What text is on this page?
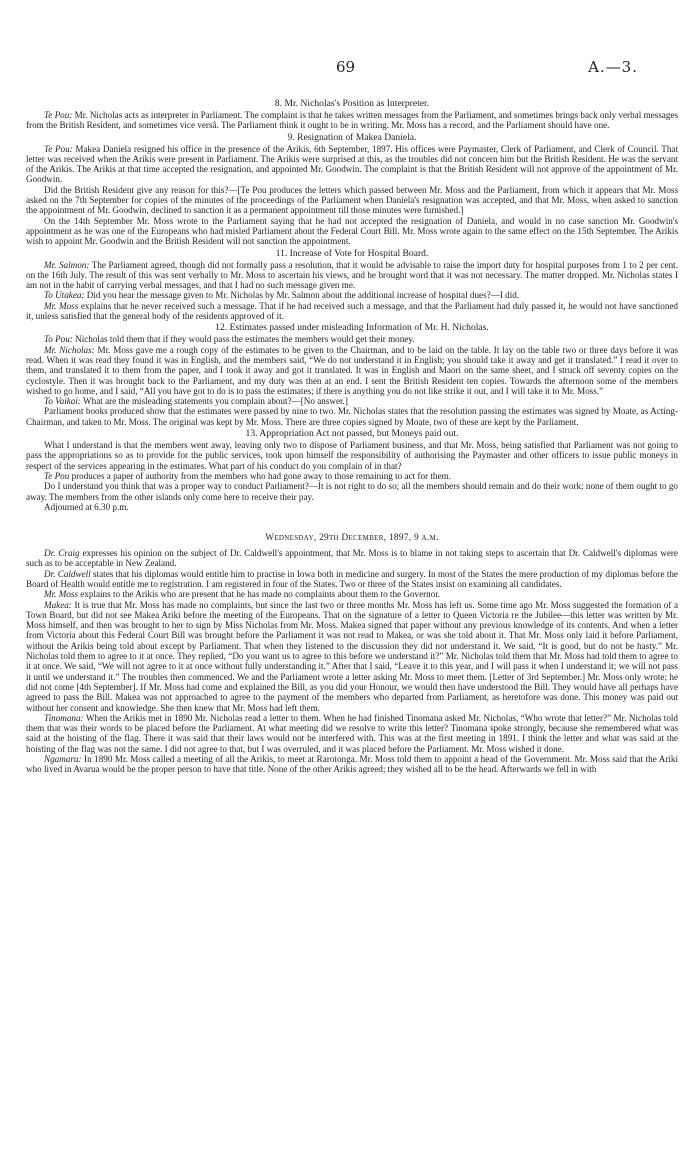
69	A.—3.
8. Mr. Nicholas's Position as Interpreter.

Te Pou: Mr. Nicholas acts as interpreter in Parliament. The complaint is that he takes written messages from the Parliament, and sometimes brings back only verbal messages from the British Resident, and sometimes vice versâ. The Parliament think it ought to be in writing. Mr. Moss has a record, and the Parliament should have one.

9. Resignation of Makea Daniela.

Te Pou: Makea Daniela resigned his office in the presence of the Arikis, 6th September, 1897. His offices were Paymaster, Clerk of Parliament, and Clerk of Council. That letter was received when the Arikis were present in Parliament. The Arikis were surprised at this, as the troubles did not concern him but the British Resident. He was the servant of the Arikis. The Arikis at that time accepted the resignation, and appointed Mr. Goodwin. The complaint is that the British Resident will not approve of the appointment of Mr. Goodwin.

Did the British Resident give any reason for this?—[Te Pou produces the letters which passed between Mr. Moss and the Parliament, from which it appears that Mr. Moss asked on the 7th September for copies of the minutes of the proceedings of the Parliament when Daniela's resignation was accepted, and that Mr. Moss, when asked to sanction the appointment of Mr. Goodwin, declined to sanction it as a permanent appointment till those minutes were furnished.]

On the 14th September Mr. Moss wrote to the Parliament saying that he had not accepted the resignation of Daniela, and would in no case sanction Mr. Goodwin's appointment as he was one of the Europeans who had misled Parliament about the Federal Court Bill. Mr. Moss wrote again to the same effect on the 15th September. The Arikis wish to appoint Mr. Goodwin and the British Resident will not sanction the appointment.

11. Increase of Vote for Hospital Board.

Mr. Salmon: The Parliament agreed, though did not formally pass a resolution, that it would be advisable to raise the import duty for hospital purposes from 1 to 2 per cent. on the 16th July. The result of this was sent verbally to Mr. Moss to ascertain his views, and he brought word that it was not necessary. The matter dropped. Mr. Nicholas states I am not in the habit of carrying verbal messages, and that I had no such message given me.

To Utakea: Did you hear the message given to Mr. Nicholas by Mr. Salmon about the additional increase of hospital dues?—I did.

Mr. Moss explains that he never received such a message. That if he had received such a message, and that the Parliament had duly passed it, he would not have sanctioned it, unless satisfied that the general body of the residents approved of it.

12. Estimates passed under misleading Information of Mr. H. Nicholas.

To Pou: Nicholas told them that if they would pass the estimates the members would get their money.

Mr. Nicholas: Mr. Moss gave me a rough copy of the estimates to be given to the Chairman, and to be laid on the table. It lay on the table two or three days before it was read. When it was read they found it was in English, and the members said, “We do not understand it in English; you should take it away and get it translated.” I read it over to them, and translated it to them from the paper, and I took it away and got it translated. It was in English and Maori on the same sheet, and I struck off seventy copies on the cyclostyle. Then it was brought back to the Parliament, and my duty was then at an end. I sent the British Resident ten copies. Towards the afternoon some of the members wished to go home, and I said, “All you have got to do is to pass the estimates; if there is anything you do not like strike it out, and I will take it to Mr. Moss.”

To Vaikai: What are the misleading statements you complain about?—[No answer.]

Parliament books produced show that the estimates were passed by nine to two. Mr. Nicholas states that the resolution passing the estimates was signed by Moate, as Acting-Chairman, and taken to Mr. Moss. The original was kept by Mr. Moss. There are three copies signed by Moate, two of these are kept by the Parliament.

13. Appropriation Act not passed, but Moneys paid out.

What I understand is that the members went away, leaving only two to dispose of Parliament business, and that Mr. Moss, being satisfied that Parliament was not going to pass the appropriations so as to provide for the public services, took upon himself the responsibility of authorising the Paymaster and other officers to issue public moneys in respect of the services appearing in the estimates. What part of his conduct do you complain of in that?

Te Pou produces a paper of authority from the members who had gone away to those remaining to act for them.

Do I understand you think that was a proper way to conduct Parliament?—It is not right to do so; all the members should remain and do their work; none of them ought to go away. The members from the other islands only come here to receive their pay.

Adjourned at 6.30 p.m.

Wednesday, 29th December, 1897, 9 a.m.

Dr. Craig expresses his opinion on the subject of Dr. Caldwell's appointment, that Mr. Moss is to blame in not taking steps to ascertain that Dr. Caldwell's diplomas were such as to be acceptable in New Zealand.

Dr. Caldwell states that his diplomas would entitle him to practise in Iowa both in medicine and surgery. In most of the States the mere production of my diplomas before the Board of Health would entitle me to registration. I am registered in four of the States. Two or three of the States insist on examining all candidates.

Mr. Moss explains to the Arikis who are present that he has made no complaints about them to the Governor.

Makea: It is true that Mr. Moss has made no complaints, but since the last two or three months Mr. Moss has left us. Some time ago Mr. Moss suggested the formation of a Town Board, but did not see Makea Ariki before the meeting of the Europeans. That on the signature of a letter to Queen Victoria re the Jubilee—this letter was written by Mr. Moss himself, and then was brought to her to sign by Miss Nicholas from Mr. Moss. Makea signed that paper without any previous knowledge of its contents. And when a letter from Victoria about this Federal Court Bill was brought before the Parliament it was not read to Makea, or was she told about it. That Mr. Moss only laid it before Parliament, without the Arikis being told about except by Parliament. That when they listened to the discussion they did not understand it. We said, “It is good, but do not be hasty.” Mr. Nicholas told them to agree to it at once. They replied, “Do you want us to agree to this before we understand it?” Mr. Nicholas told them that Mr. Moss had told them to agree to it at once. We said, “We will not agree to it at once without fully understanding it.” After that I said, “Leave it to this year, and I will pass it when I understand it; we will not pass it until we understand it.” The troubles then commenced. We and the Parliament wrote a letter asking Mr. Moss to meet them. [Letter of 3rd September.] Mr. Moss only wrote; he did not come [4th September]. If Mr. Moss had come and explained the Bill, as you did your Honour, we would then have understood the Bill. They would have all perhaps have agreed to pass the Bill. Makea was not approached to agree to the payment of the members who departed from Parliament, as heretofore was done. This money was paid out without her consent and knowledge. She then knew that Mr. Moss had left them.

Tinomana: When the Arikis met in 1890 Mr. Nicholas read a letter to them. When he had finished Tinomana asked Mr. Nicholas, “Who wrote that letter?” Mr. Nicholas told them that was their words to be placed before the Parliament. At what meeting did we resolve to write this letter? Tinomana spoke strongly, because she remembered what was said at the hoisting of the flag. There it was said that their laws would not be interfered with. This was at the first meeting in 1891. I think the letter and what was said at the hoisting of the flag was not the same. I did not agree to that, but I was overruled, and it was placed before the Parliament. Mr. Moss wished it done.

Ngamaru: In 1890 Mr. Moss called a meeting of all the Arikis, to meet at Rarotonga. Mr. Moss told them to appoint a head of the Government. Mr. Moss said that the Ariki who lived in Avarua would be the proper person to have that title. None of the other Arikis agreed; they wished all to be the head. Afterwards we fell in with
